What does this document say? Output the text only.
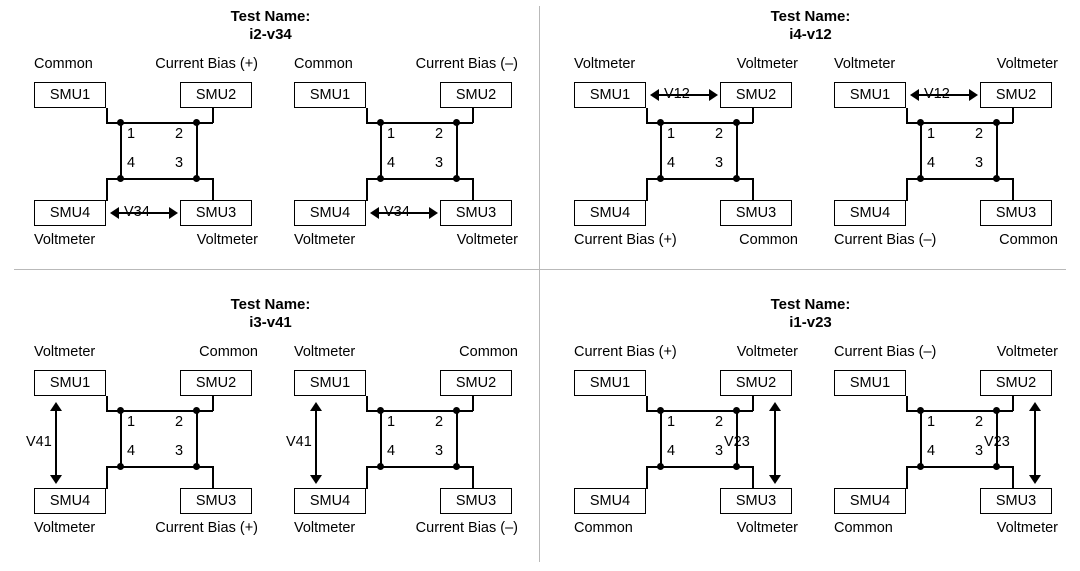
Test Name:
i2-v34
Common	Current Bias (+)
Voltmeter	Voltmeter
SMU1	SMU2
SMU4	SMU3
1	2
4	3
V34
Common	Current Bias (–)
Voltmeter	Voltmeter
SMU1	SMU2
SMU4	SMU3
1	2
4	3
V34
Test Name:
i4-v12
Voltmeter	Voltmeter
Current Bias (+)	Common
SMU1	SMU2
SMU4	SMU3
1	2
4	3
V12
Voltmeter	Voltmeter
Current Bias (–)	Common
SMU1	SMU2
SMU4	SMU3
1	2
4	3
V12
Test Name:
i3-v41
Voltmeter	Common
Voltmeter	Current Bias (+)
SMU1	SMU2
SMU4	SMU3
1	2
4	3
V41
Voltmeter	Common
Voltmeter	Current Bias (–)
SMU1	SMU2
SMU4	SMU3
1	2
4	3
V41
Test Name:
i1-v23
Current Bias (+)	Voltmeter
Common	Voltmeter
SMU1	SMU2
SMU4	SMU3
1	2
4	3
V23
Current Bias (–)	Voltmeter
Common	Voltmeter
SMU1	SMU2
SMU4	SMU3
1	2
4	3
V23
